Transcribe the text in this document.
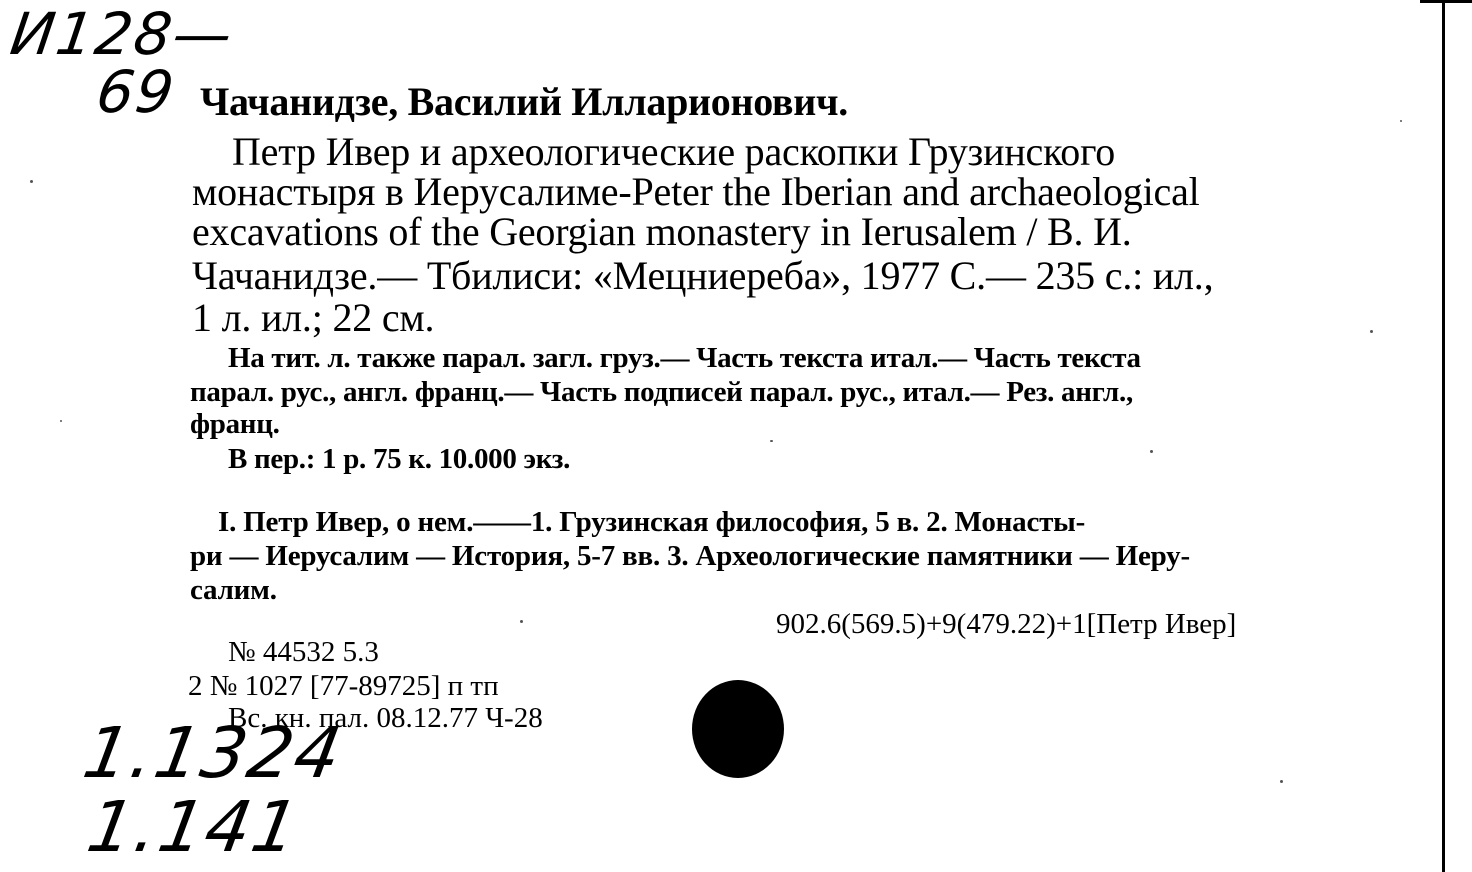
И128—
69 Чачанидзе, Василий Илларионович.
Петр Ивер и археологические раскопки Грузинского
монастыря в Иерусалиме-Peter the Iberian and archaeological
excavations of the Georgian monastery in Ierusalem / В. И.
Чачанидзе.— Тбилиси: «Мецниереба», 1977 С.— 235 с.: ил.,
1 л. ил.; 22 см.
На тит. л. также парал. загл. груз.— Часть текста итал.— Часть текста
парал. рус., англ. франц.— Часть подписей парал. рус., итал.— Рез. англ.,
франц.
В пер.: 1 р. 75 к. 10.000 экз.
I. Петр Ивер, о нем.——1. Грузинская философия, 5 в. 2. Монасты-
ри — Иерусалим — История, 5-7 вв. 3. Археологические памятники — Иеру-
салим.
902.6(569.5)+9(479.22)+1[Петр Ивер]
№ 44532 5.3
2 № 1027 [77-89725] п тп
Вс. кн. пал. 08.12.77 Ч-28
1.1324
1.141
